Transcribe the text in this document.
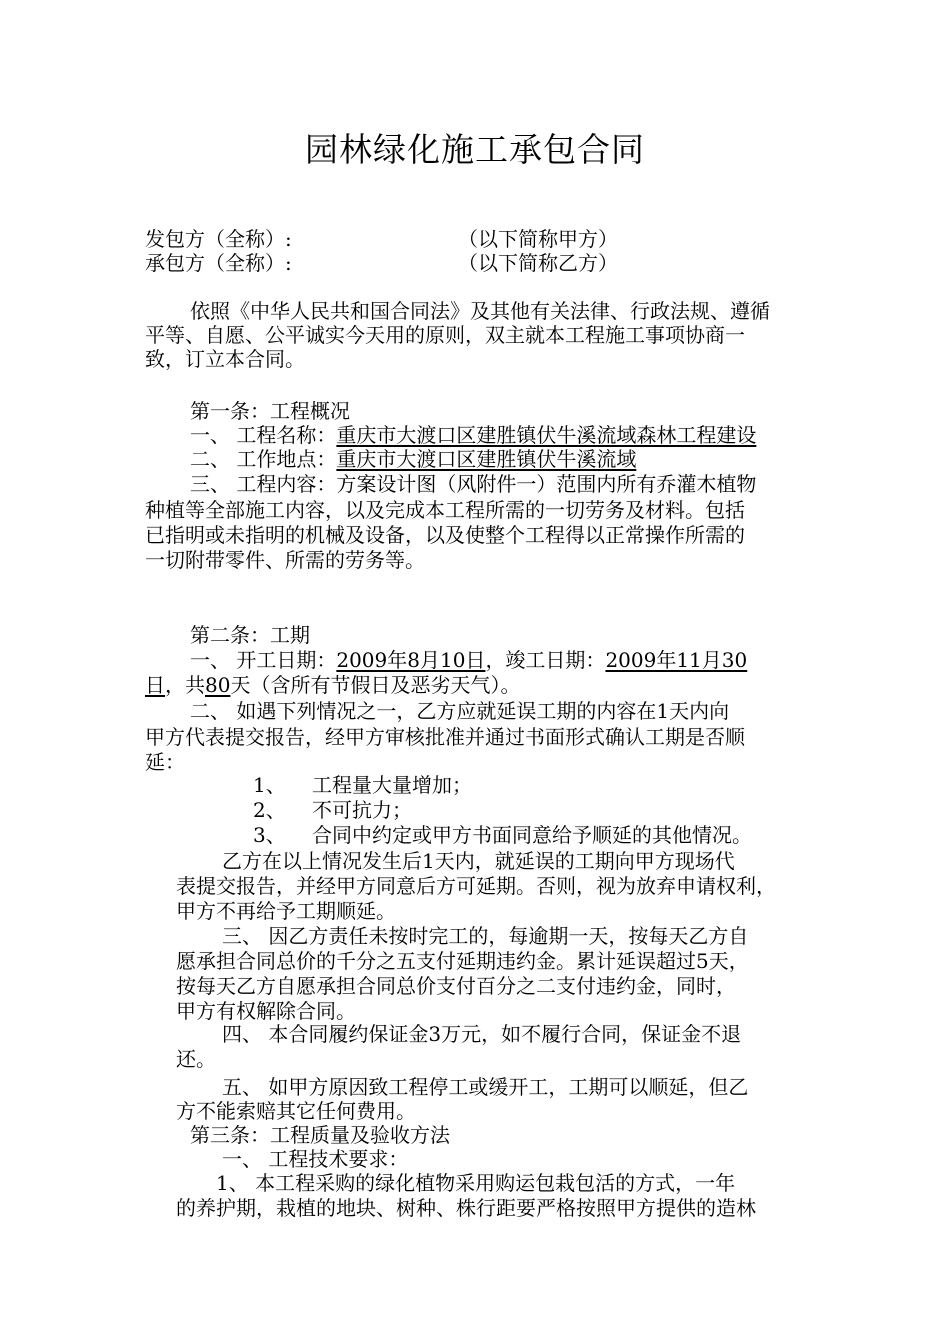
园林绿化施工承包合同
发包方（全称）:	（以下简称甲方）
承包方（全称）:	（以下简称乙方）
依照《中华人民共和国合同法》及其他有关法律、行政法规、遵循
平等、自愿、公平诚实今天用的原则，双主就本工程施工事项协商一
致，订立本合同。
第一条：工程概况
一、 工程名称：重庆市大渡口区建胜镇伏牛溪流域森林工程建设
二、 工作地点：重庆市大渡口区建胜镇伏牛溪流域
三、 工程内容：方案设计图（风附件一）范围内所有乔灌木植物
种植等全部施工内容，以及完成本工程所需的一切劳务及材料。包括
已指明或未指明的机械及设备，以及使整个工程得以正常操作所需的
一切附带零件、所需的劳务等。
第二条：工期
一、 开工日期：2009年8月10日，竣工日期：2009年11月30
日，共80天（含所有节假日及恶劣天气）。
二、 如遇下列情况之一，乙方应就延误工期的内容在1天内向
甲方代表提交报告，经甲方审核批准并通过书面形式确认工期是否顺
延：
1、 工程量大量增加；
2、 不可抗力；
3、 合同中约定或甲方书面同意给予顺延的其他情况。
乙方在以上情况发生后1天内，就延误的工期向甲方现场代
表提交报告，并经甲方同意后方可延期。否则，视为放弃申请权利，
甲方不再给予工期顺延。
三、 因乙方责任未按时完工的，每逾期一天，按每天乙方自
愿承担合同总价的千分之五支付延期违约金。累计延误超过5天，
按每天乙方自愿承担合同总价支付百分之二支付违约金，同时，
甲方有权解除合同。
四、 本合同履约保证金3万元，如不履行合同，保证金不退
还。
五、 如甲方原因致工程停工或缓开工，工期可以顺延，但乙
方不能索赔其它任何费用。
第三条：工程质量及验收方法
一、 工程技术要求：
1、 本工程采购的绿化植物采用购运包栽包活的方式，一年
的养护期，栽植的地块、树种、株行距要严格按照甲方提供的造林
